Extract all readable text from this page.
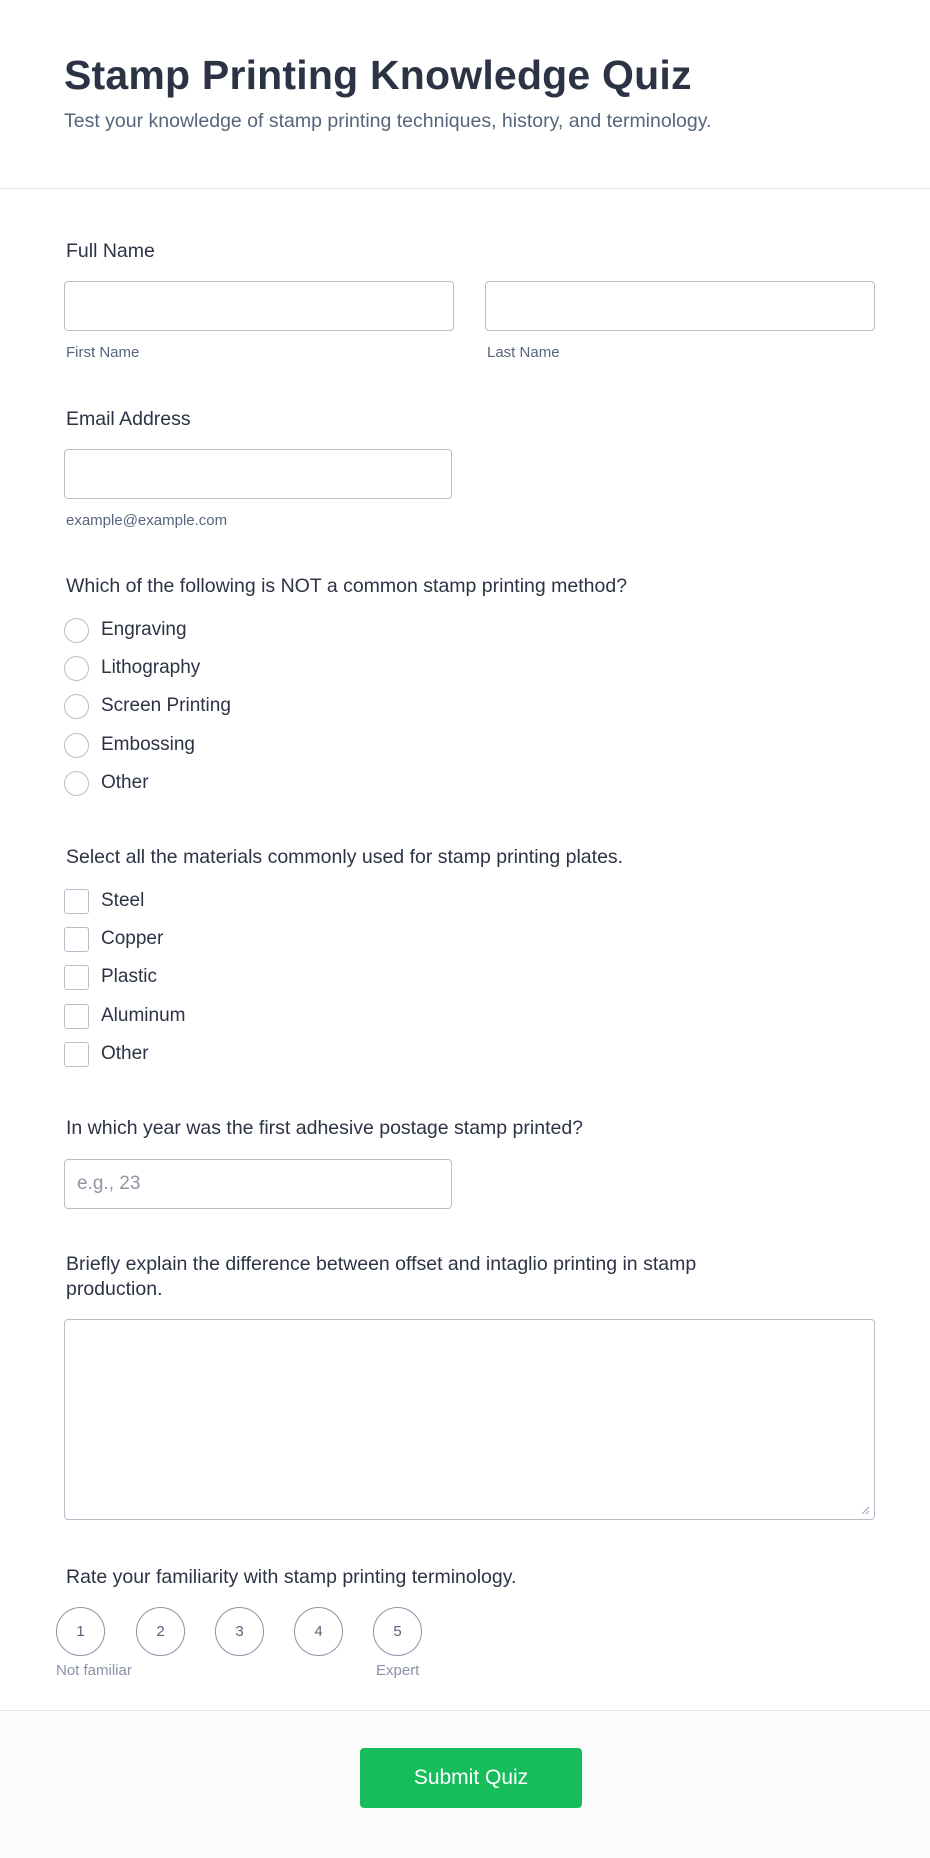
Stamp Printing Knowledge Quiz
Test your knowledge of stamp printing techniques, history, and terminology.
Full Name
First Name	Last Name
Email Address
example@example.com
Which of the following is NOT a common stamp printing method?
Engraving
Lithography
Screen Printing
Embossing
Other
Select all the materials commonly used for stamp printing plates.
Steel
Copper
Plastic
Aluminum
Other
In which year was the first adhesive postage stamp printed?
e.g., 23
Briefly explain the difference between offset and intaglio printing in stamp
production.
Rate your familiarity with stamp printing terminology.
1	2	3	4	5
Not familiar	Expert
Submit Quiz
